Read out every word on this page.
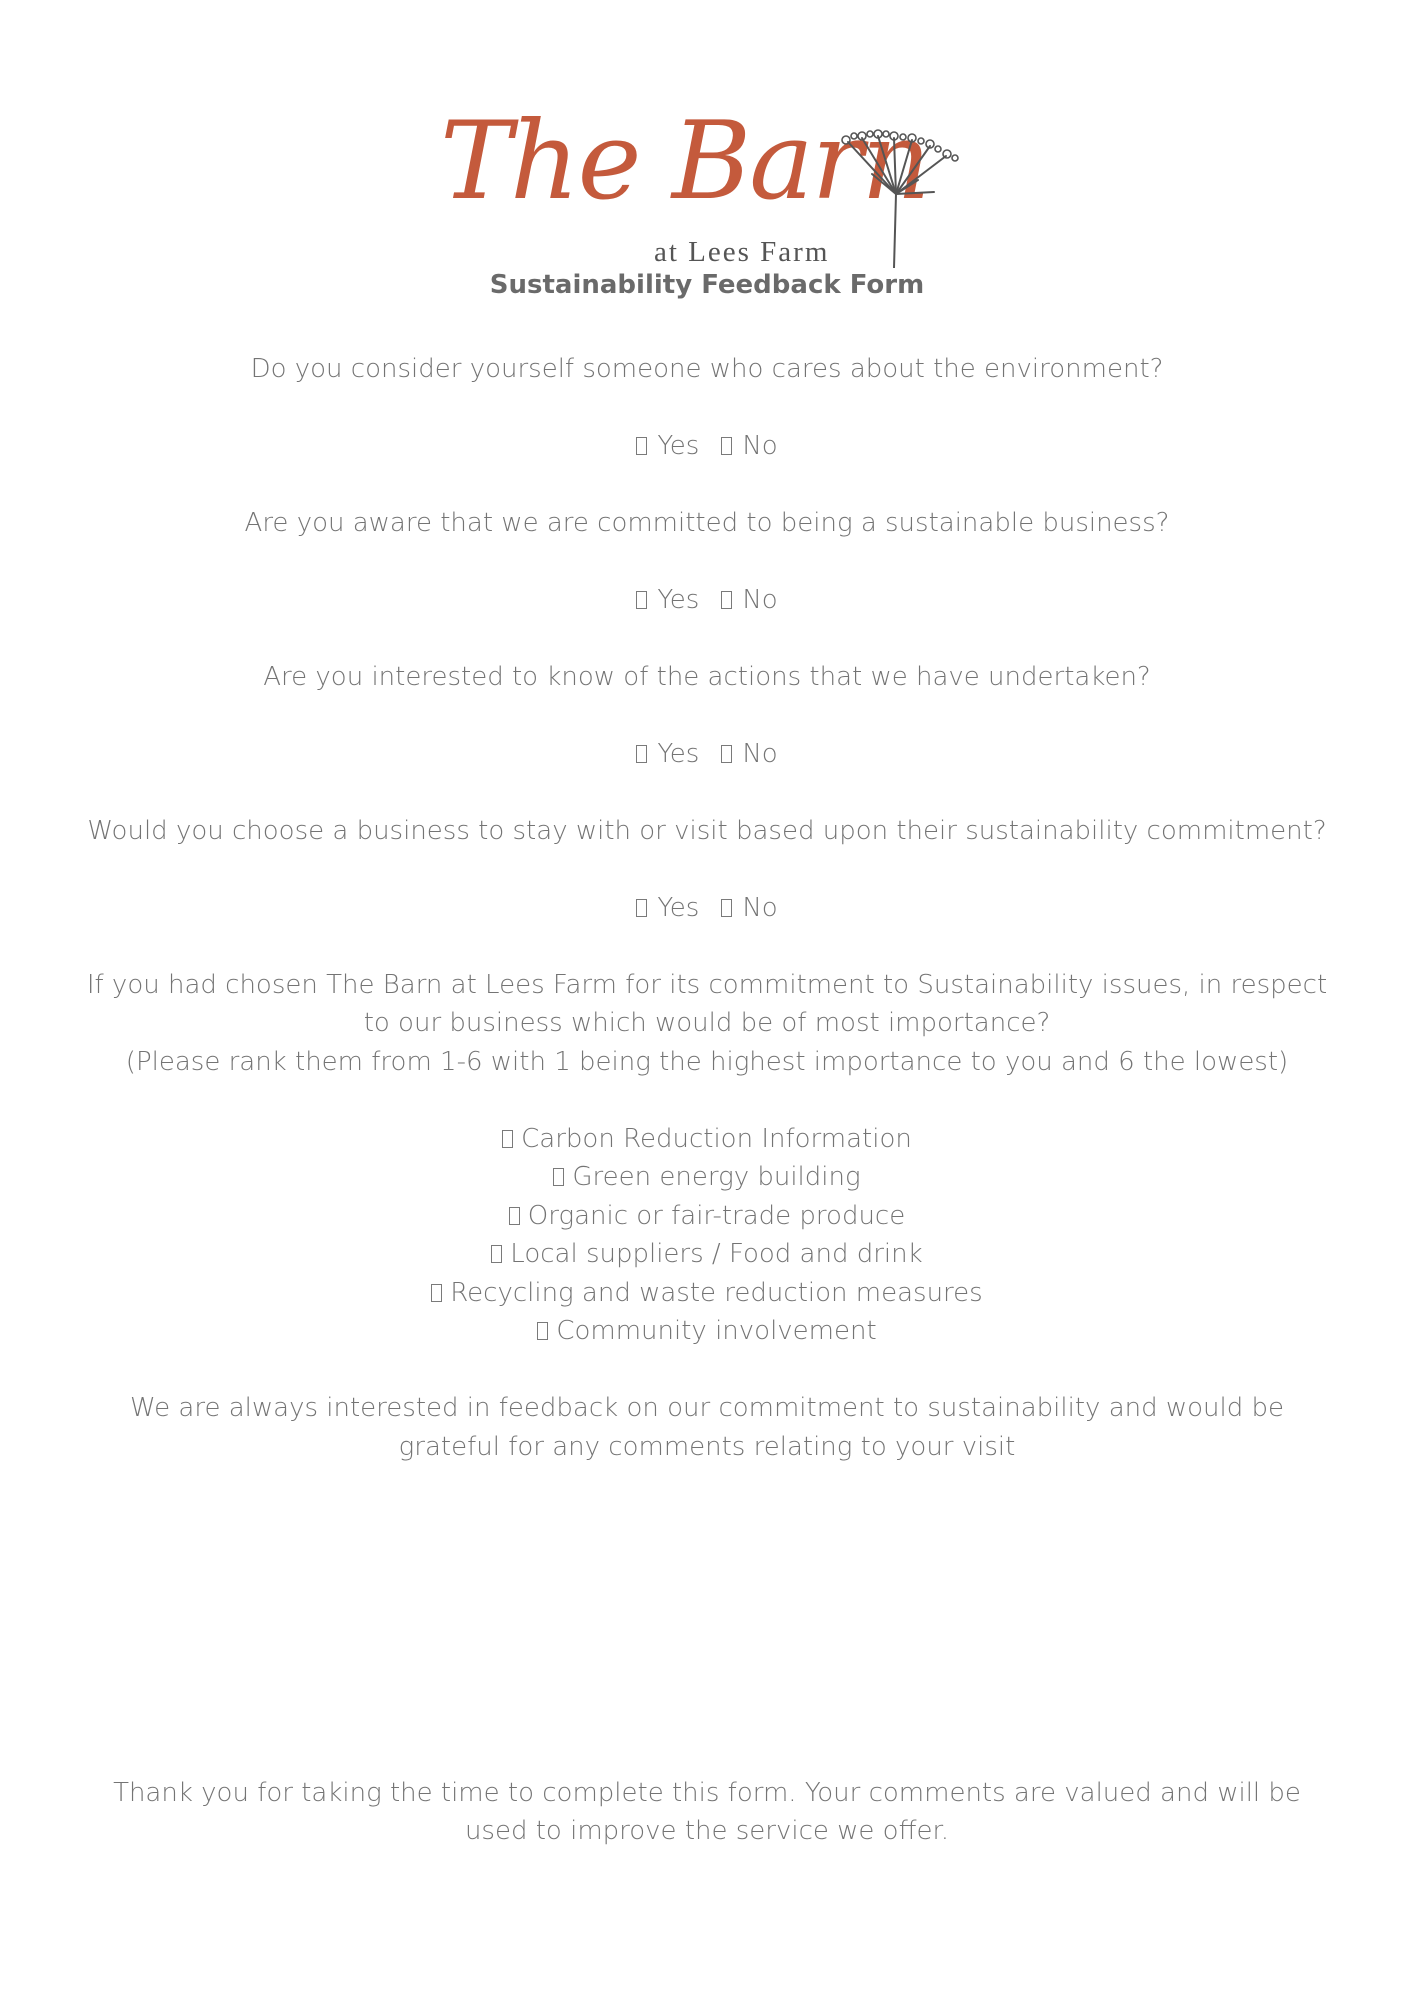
The Barn
at Lees Farm
Sustainability Feedback Form
Do you consider yourself someone who cares about the environment?
Yes No
Are you aware that we are committed to being a sustainable business?
Yes No
Are you interested to know of the actions that we have undertaken?
Yes No
Would you choose a business to stay with or visit based upon their sustainability commitment?
Yes No
If you had chosen The Barn at Lees Farm for its commitment to Sustainability issues, in respect
to our business which would be of most importance?
(Please rank them from 1-6 with 1 being the highest importance to you and 6 the lowest)
Carbon Reduction Information
Green energy building
Organic or fair-trade produce
Local suppliers / Food and drink
Recycling and waste reduction measures
Community involvement
We are always interested in feedback on our commitment to sustainability and would be
grateful for any comments relating to your visit
Thank you for taking the time to complete this form. Your comments are valued and will be
used to improve the service we offer.
